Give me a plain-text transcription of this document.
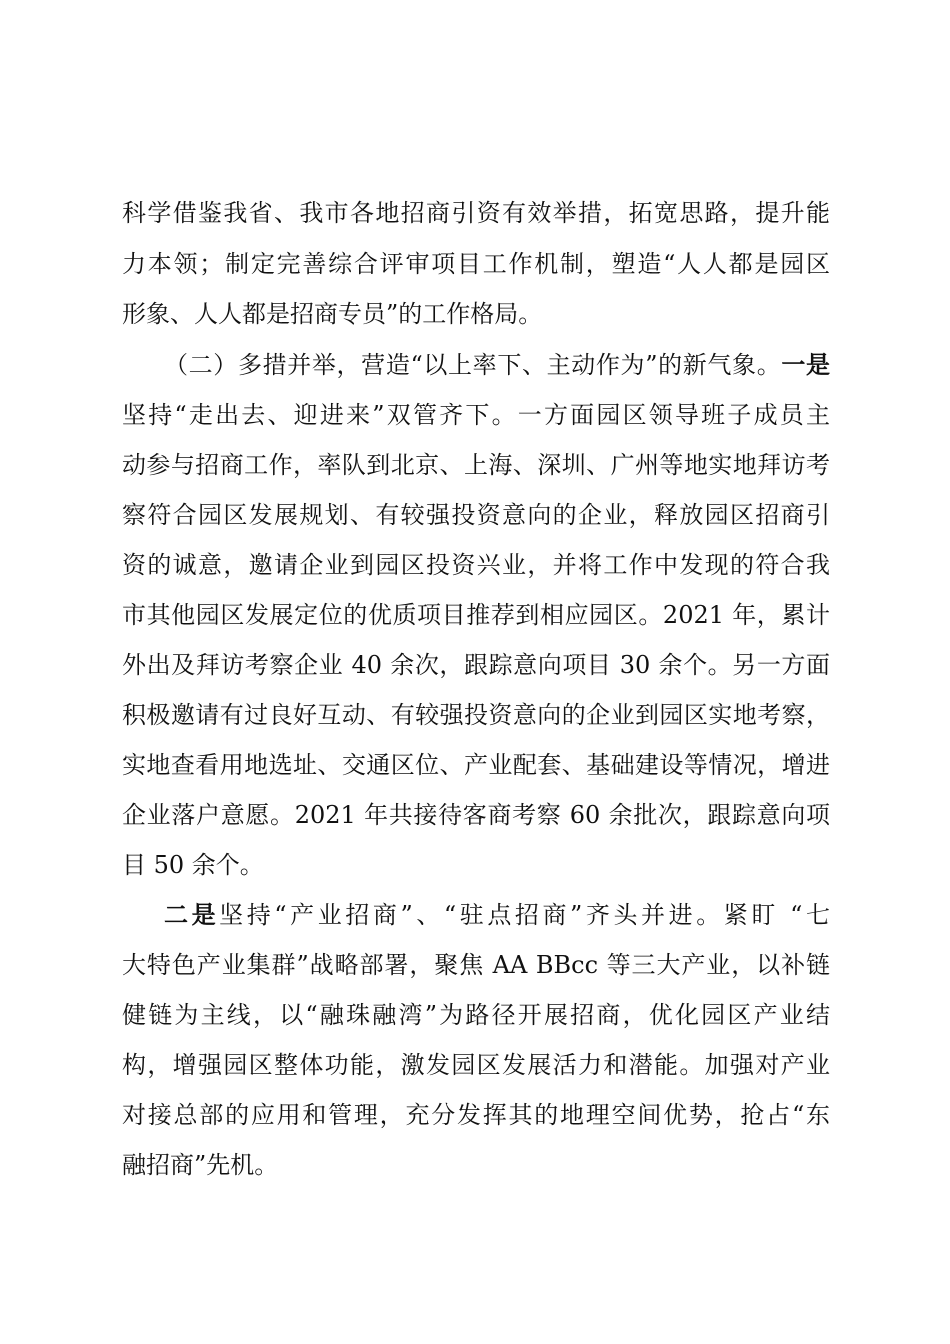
科学借鉴我省、我市各地招商引资有效举措，拓宽思路，提升能
力本领；制定完善综合评审项目工作机制，塑造“人人都是园区
形象、人人都是招商专员”的工作格局。
（二）多措并举，营造“以上率下、主动作为”的新气象。一是
坚持“走出去、迎进来”双管齐下。一方面园区领导班子成员主
动参与招商工作，率队到北京、上海、深圳、广州等地实地拜访考
察符合园区发展规划、有较强投资意向的企业，释放园区招商引
资的诚意，邀请企业到园区投资兴业，并将工作中发现的符合我
市其他园区发展定位的优质项目推荐到相应园区。2021 年，累计
外出及拜访考察企业 40 余次，跟踪意向项目 30 余个。另一方面
积极邀请有过良好互动、有较强投资意向的企业到园区实地考察，
实地查看用地选址、交通区位、产业配套、基础建设等情况，增进
企业落户意愿。2021 年共接待客商考察 60 余批次，跟踪意向项
目 50 余个。
二是坚持“产业招商”、“驻点招商”齐头并进。紧盯 “七
大特色产业集群”战略部署，聚焦 AA BBcc 等三大产业，以补链
健链为主线，以“融珠融湾”为路径开展招商，优化园区产业结
构，增强园区整体功能，激发园区发展活力和潜能。加强对产业
对接总部的应用和管理，充分发挥其的地理空间优势，抢占“东
融招商”先机。
